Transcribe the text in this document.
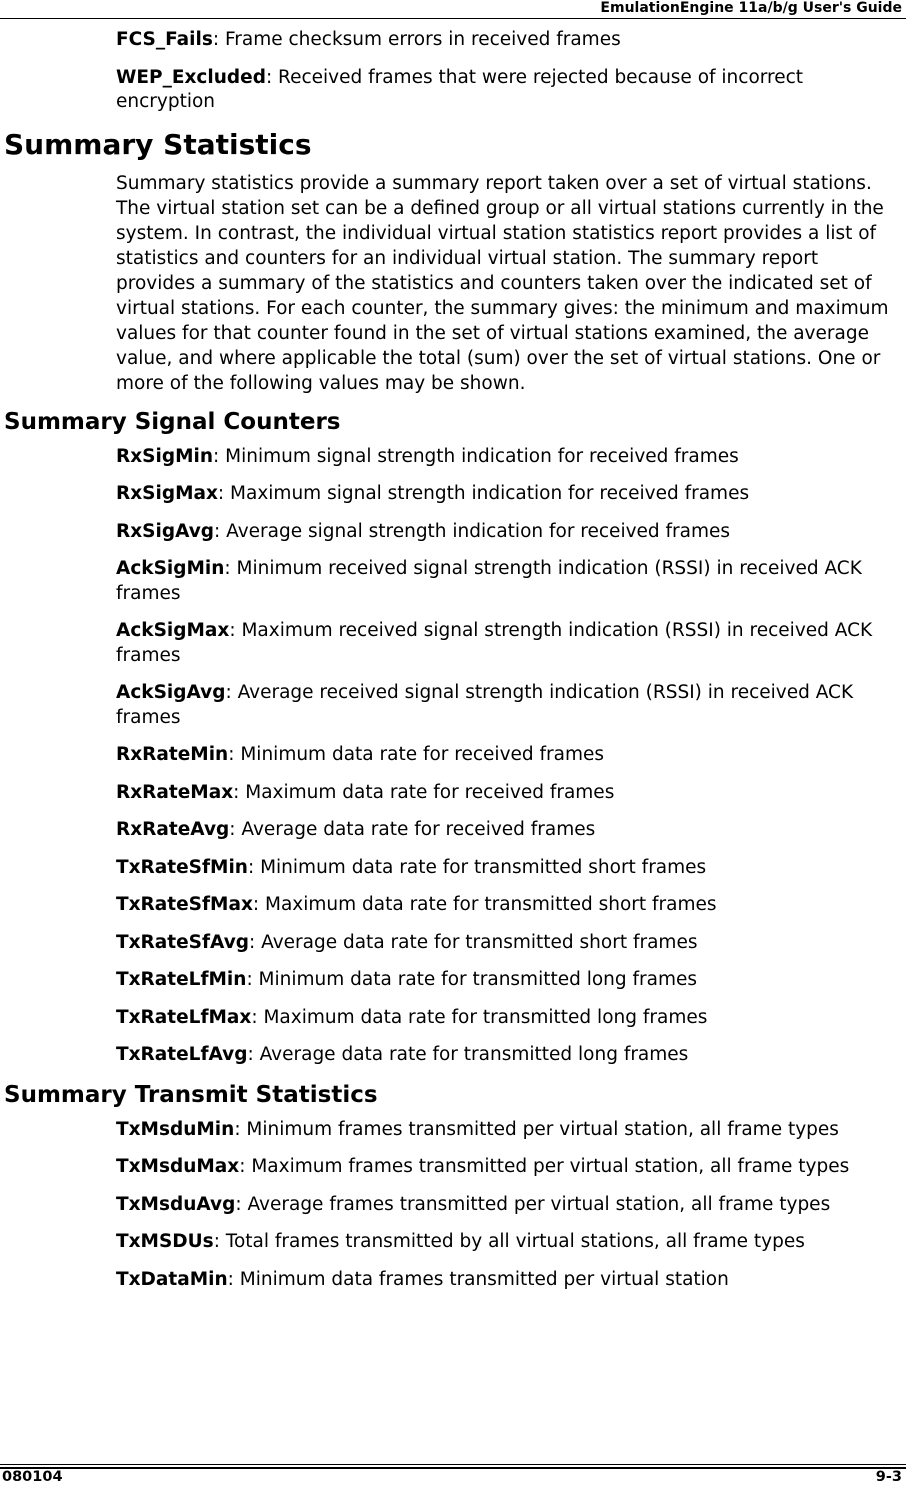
EmulationEngine 11a/b/g User's Guide
FCS_Fails: Frame checksum errors in received frames
WEP_Excluded: Received frames that were rejected because of incorrect encryption
Summary Statistics
Summary statistics provide a summary report taken over a set of virtual stations. The virtual station set can be a defined group or all virtual stations currently in the system. In contrast, the individual virtual station statistics report provides a list of statistics and counters for an individual virtual station. The summary report provides a summary of the statistics and counters taken over the indicated set of virtual stations. For each counter, the summary gives: the minimum and maximum values for that counter found in the set of virtual stations examined, the average value, and where applicable the total (sum) over the set of virtual stations. One or more of the following values may be shown.
Summary Signal Counters
RxSigMin: Minimum signal strength indication for received frames
RxSigMax: Maximum signal strength indication for received frames
RxSigAvg: Average signal strength indication for received frames
AckSigMin: Minimum received signal strength indication (RSSI) in received ACK frames
AckSigMax: Maximum received signal strength indication (RSSI) in received ACK frames
AckSigAvg: Average received signal strength indication (RSSI) in received ACK frames
RxRateMin: Minimum data rate for received frames
RxRateMax: Maximum data rate for received frames
RxRateAvg: Average data rate for received frames
TxRateSfMin: Minimum data rate for transmitted short frames
TxRateSfMax: Maximum data rate for transmitted short frames
TxRateSfAvg: Average data rate for transmitted short frames
TxRateLfMin: Minimum data rate for transmitted long frames
TxRateLfMax: Maximum data rate for transmitted long frames
TxRateLfAvg: Average data rate for transmitted long frames
Summary Transmit Statistics
TxMsduMin: Minimum frames transmitted per virtual station, all frame types
TxMsduMax: Maximum frames transmitted per virtual station, all frame types
TxMsduAvg: Average frames transmitted per virtual station, all frame types
TxMSDUs: Total frames transmitted by all virtual stations, all frame types
TxDataMin: Minimum data frames transmitted per virtual station
080104	9-3
